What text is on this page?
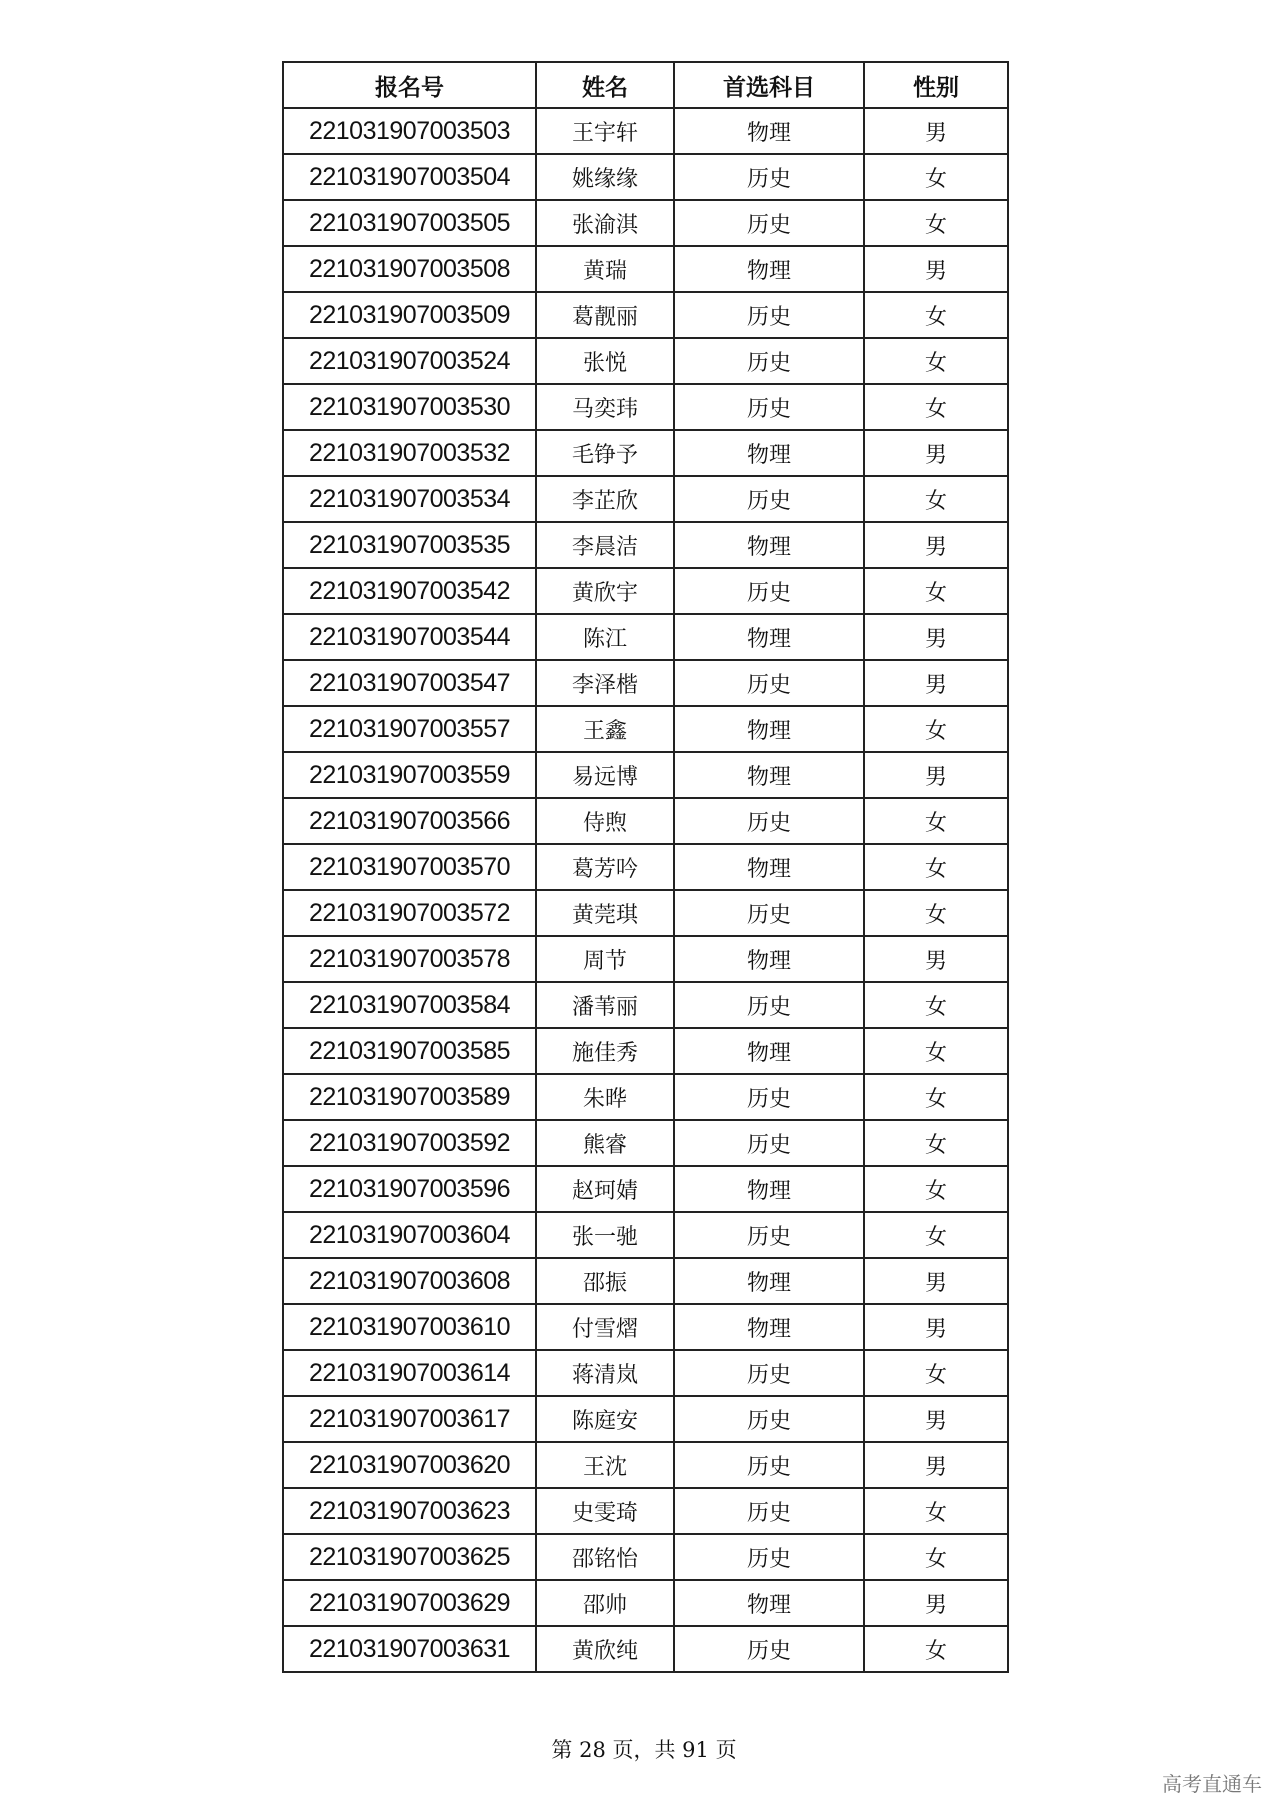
报名号	姓名	首选科目	性别
221031907003503	王宇轩	物理	男
221031907003504	姚缘缘	历史	女
221031907003505	张渝淇	历史	女
221031907003508	黄瑞	物理	男
221031907003509	葛靓丽	历史	女
221031907003524	张悦	历史	女
221031907003530	马奕玮	历史	女
221031907003532	毛铮予	物理	男
221031907003534	李芷欣	历史	女
221031907003535	李晨洁	物理	男
221031907003542	黄欣宇	历史	女
221031907003544	陈江	物理	男
221031907003547	李泽楷	历史	男
221031907003557	王鑫	物理	女
221031907003559	易远博	物理	男
221031907003566	侍煦	历史	女
221031907003570	葛芳吟	物理	女
221031907003572	黄莞琪	历史	女
221031907003578	周节	物理	男
221031907003584	潘苇丽	历史	女
221031907003585	施佳秀	物理	女
221031907003589	朱晔	历史	女
221031907003592	熊睿	历史	女
221031907003596	赵珂婧	物理	女
221031907003604	张一驰	历史	女
221031907003608	邵振	物理	男
221031907003610	付雪熠	物理	男
221031907003614	蒋清岚	历史	女
221031907003617	陈庭安	历史	男
221031907003620	王沈	历史	男
221031907003623	史雯琦	历史	女
221031907003625	邵铭怡	历史	女
221031907003629	邵帅	物理	男
221031907003631	黄欣纯	历史	女
第 28 页，共 91 页
高考直通车
